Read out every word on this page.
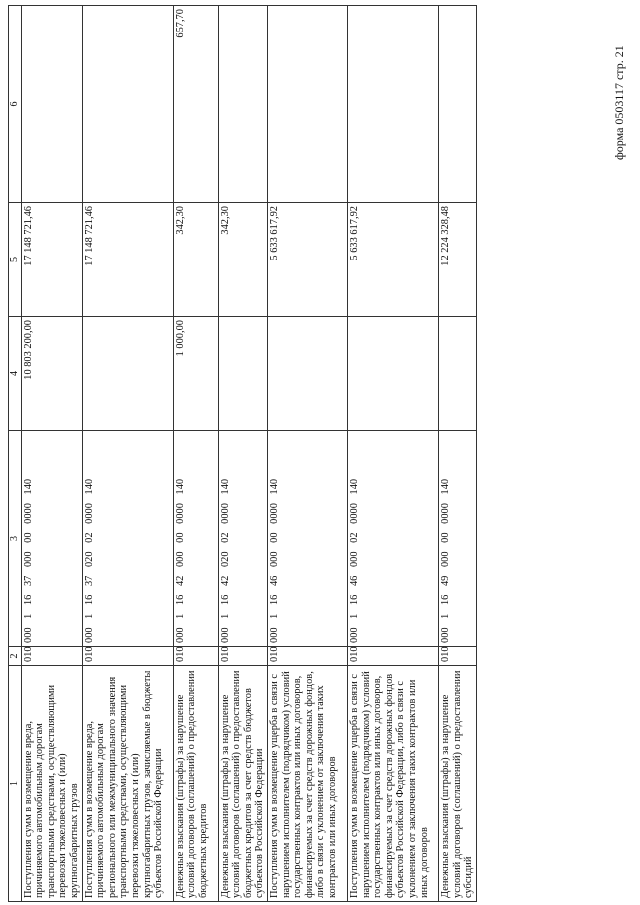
форма 0503117 стр. 21
1	2	3	4	5	6
Поступления сумм в возмещение вреда, причиняемого автомобильным дорогам транспортными средствами, осуществляющими перевозки тяжеловесных и (или) крупногабаритных грузов	010	000 1 16 37 000 00 0000 140	10 803 200,00	17 148 721,46	
Поступления сумм в возмещение вреда, причиняемого автомобильным дорогам регионального или межмуниципального значения транспортными средствами, осуществляющими перевозки тяжеловесных и (или) крупногабаритных грузов, зачисляемые в бюджеты субъектов Российской Федерации	010	000 1 16 37 020 02 0000 140		17 148 721,46	
Денежные взыскания (штрафы) за нарушение условий договоров (соглашений) о предоставлении бюджетных кредитов	010	000 1 16 42 000 00 0000 140	1 000,00	342,30	657,70
Денежные взыскания (штрафы) за нарушение условий договоров (соглашений) о предоставлении бюджетных кредитов за счет средств бюджетов субъектов Российской Федерации	010	000 1 16 42 020 02 0000 140		342,30	
Поступления сумм в возмещение ущерба в связи с нарушением исполнителем (подрядчиком) условий государственных контрактов или иных договоров, финансируемых за счет средств дорожных фондов, либо в связи с уклонением от заключения таких контрактов или иных договоров	010	000 1 16 46 000 00 0000 140		5 633 617,92	
Поступления сумм в возмещение ущерба в связи с нарушением исполнителем (подрядчиком) условий государственных контрактов или иных договоров, финансируемых за счет средств дорожных фондов субъектов Российской Федерации, либо в связи с уклонением от заключения таких контрактов или иных договоров	010	000 1 16 46 000 02 0000 140		5 633 617,92	
Денежные взыскания (штрафы) за нарушение условий договоров (соглашений) о предоставлении субсидий	010	000 1 16 49 000 00 0000 140		12 224 328,48	
